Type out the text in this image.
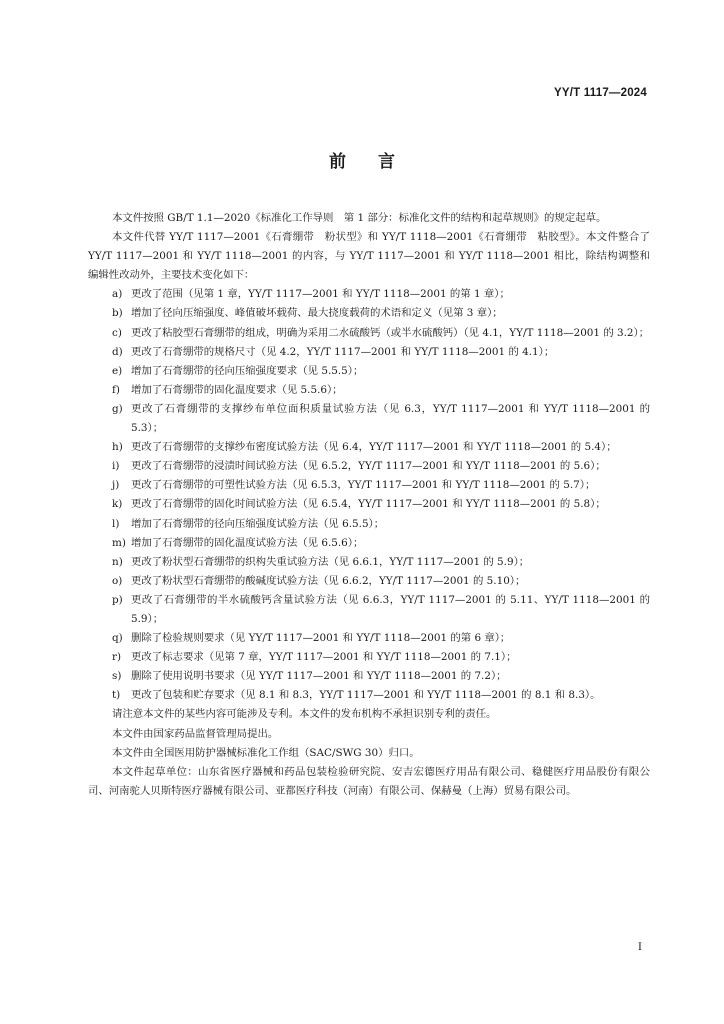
YY/T 1117—2024
前言

本文件按照 GB/T 1.1—2020《标准化工作导则　第 1 部分：标准化文件的结构和起草规则》的规定起草。

本文件代替 YY/T 1117—2001《石膏绷带　粉状型》和 YY/T 1118—2001《石膏绷带　粘胶型》。本文件整合了 YY/T 1117—2001 和 YY/T 1118—2001 的内容，与 YY/T 1117—2001 和 YY/T 1118—2001 相比，除结构调整和编辑性改动外，主要技术变化如下：

a) 更改了范围（见第 1 章，YY/T 1117—2001 和 YY/T 1118—2001 的第 1 章）；
b) 增加了径向压缩强度、峰值破坏载荷、最大挠度载荷的术语和定义（见第 3 章）；
c) 更改了粘胶型石膏绷带的组成，明确为采用二水硫酸钙（或半水硫酸钙）（见 4.1，YY/T 1118—2001 的 3.2）；
d) 更改了石膏绷带的规格尺寸（见 4.2，YY/T 1117—2001 和 YY/T 1118—2001 的 4.1）；
e) 增加了石膏绷带的径向压缩强度要求（见 5.5.5）；
f)	增加了石膏绷带的固化温度要求（见 5.5.6）；
g) 更改了石膏绷带的支撑纱布单位面积质量试验方法（见 6.3，YY/T 1117—2001 和 YY/T 1118—2001 的 5.3）；
h) 更改了石膏绷带的支撑纱布密度试验方法（见 6.4，YY/T 1117—2001 和 YY/T 1118—2001 的 5.4）；
i)	更改了石膏绷带的浸渍时间试验方法（见 6.5.2，YY/T 1117—2001 和 YY/T 1118—2001 的 5.6）；
j)	更改了石膏绷带的可塑性试验方法（见 6.5.3，YY/T 1117—2001 和 YY/T 1118—2001 的 5.7）；
k) 更改了石膏绷带的固化时间试验方法（见 6.5.4，YY/T 1117—2001 和 YY/T 1118—2001 的 5.8）；
l)	增加了石膏绷带的径向压缩强度试验方法（见 6.5.5）；
m) 增加了石膏绷带的固化温度试验方法（见 6.5.6）；
n) 更改了粉状型石膏绷带的织构失重试验方法（见 6.6.1，YY/T 1117—2001 的 5.9）；
o) 更改了粉状型石膏绷带的酸碱度试验方法（见 6.6.2，YY/T 1117—2001 的 5.10）；
p) 更改了石膏绷带的半水硫酸钙含量试验方法（见 6.6.3，YY/T 1117—2001 的 5.11、YY/T 1118—2001 的 5.9）；
q) 删除了检验规则要求（见 YY/T 1117—2001 和 YY/T 1118—2001 的第 6 章）；
r) 更改了标志要求（见第 7 章，YY/T 1117—2001 和 YY/T 1118—2001 的 7.1）；
s) 删除了使用说明书要求（见 YY/T 1117—2001 和 YY/T 1118—2001 的 7.2）；
t)	更改了包装和贮存要求（见 8.1 和 8.3，YY/T 1117—2001 和 YY/T 1118—2001 的 8.1 和 8.3）。

请注意本文件的某些内容可能涉及专利。本文件的发布机构不承担识别专利的责任。

本文件由国家药品监督管理局提出。

本文件由全国医用防护器械标准化工作组（SAC/SWG 30）归口。

本文件起草单位：山东省医疗器械和药品包装检验研究院、安吉宏德医疗用品有限公司、稳健医疗用品股份有限公司、河南驼人贝斯特医疗器械有限公司、亚都医疗科技（河南）有限公司、保赫曼（上海）贸易有限公司。

I
